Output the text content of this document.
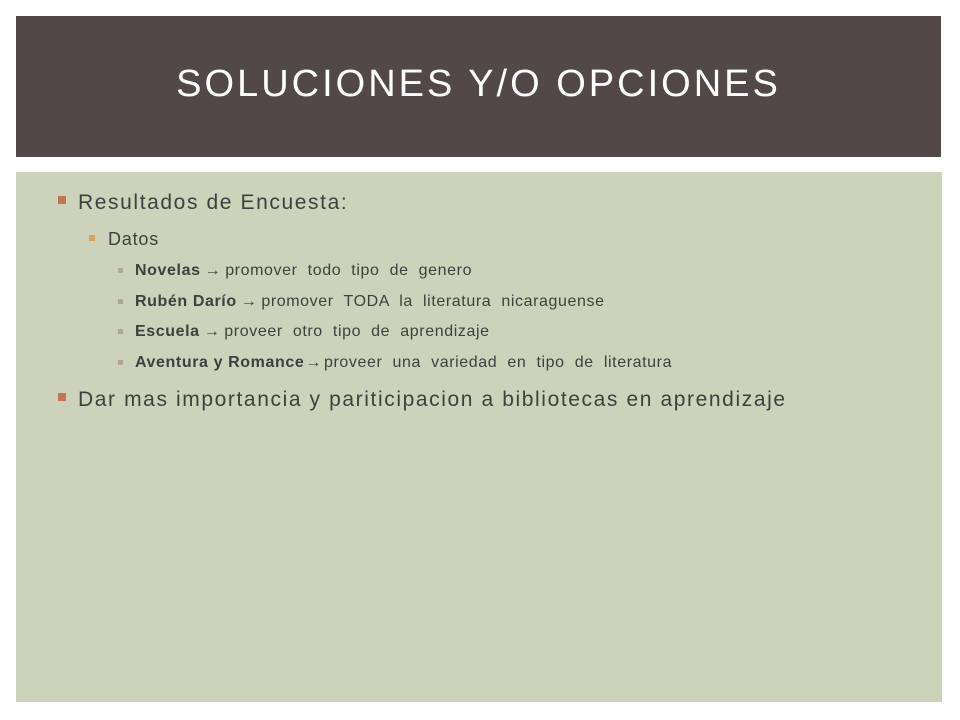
SOLUCIONES Y/O OPCIONES
Resultados de Encuesta:
Datos
Novelas → promover  todo  tipo  de  genero
Rubén Darío → promover  TODA  la  literatura  nicaraguense
Escuela → proveer  otro  tipo  de  aprendizaje
Aventura y Romance→ proveer  una  variedad  en  tipo  de  literatura
Dar mas importancia y pariticipacion a bibliotecas en aprendizaje
